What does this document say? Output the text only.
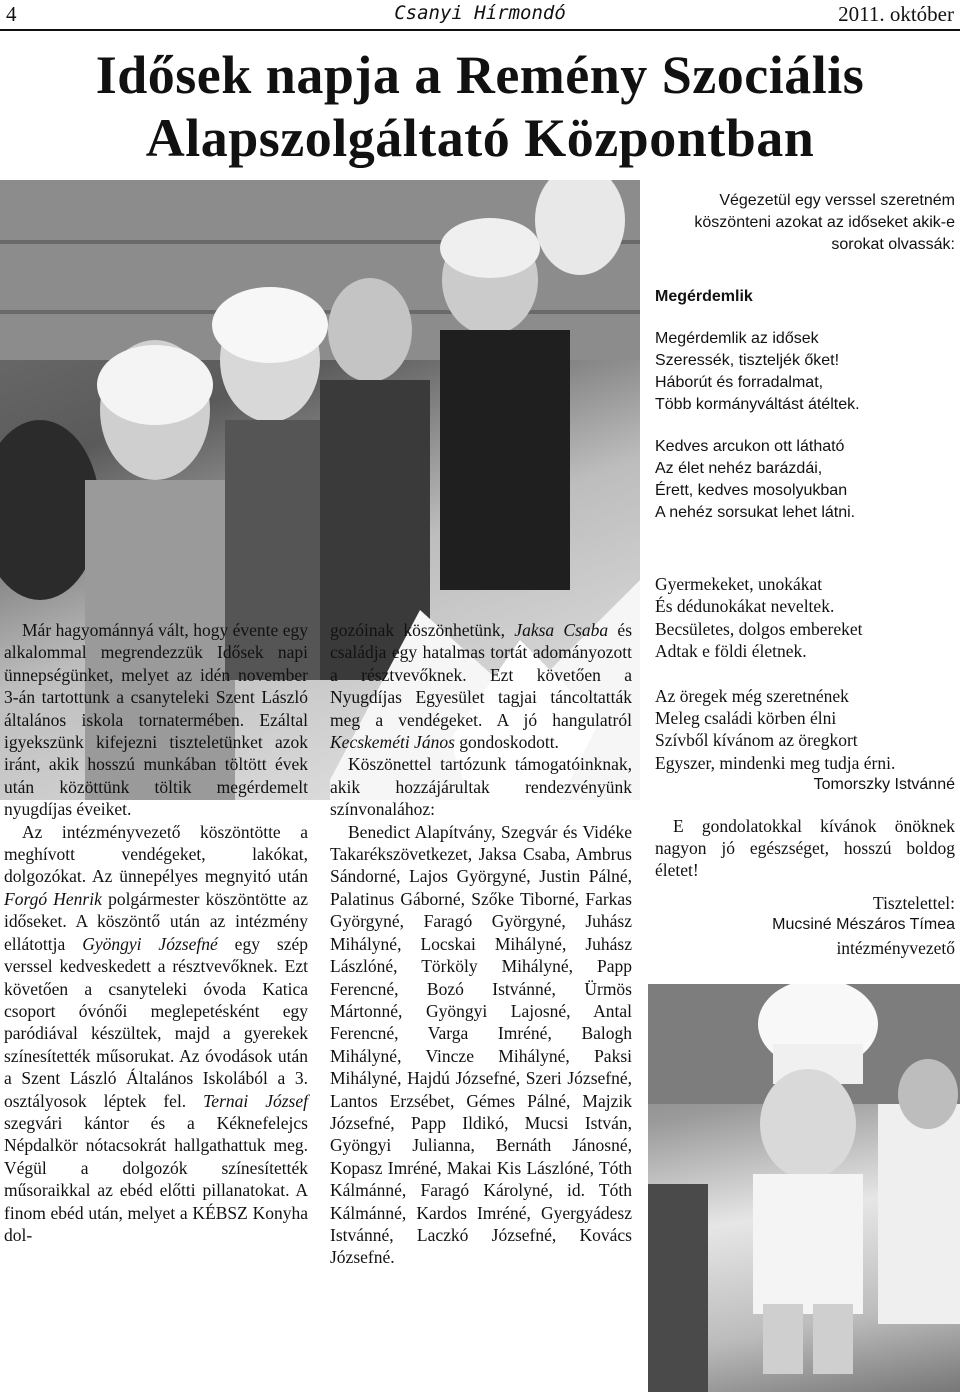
4	Csanyi Hírmondó	2011. október
Idősek napja a Remény Szociális
Alapszolgáltató Központban

Végezetül egy verssel szeretném köszönteni azokat az időseket akik-e sorokat olvassák:

Megérdemlik

Megérdemlik az idősek

Szeressék, tiszteljék őket!

Háborút és forradalmat,

Több kormányváltást átéltek.

Kedves arcukon ott látható

Az élet nehéz barázdái,

Érett, kedves mosolyukban

A nehéz sorsukat lehet látni.

Gyermekeket, unokákat

És dédunokákat neveltek.

Becsületes, dolgos embereket

Adtak e földi életnek.

Az öregek még szeretnének

Meleg családi körben élni

Szívből kívánom az öregkort

Egyszer, mindenki meg tudja érni.

Tomorszky Istvánné

E gondolatokkal kívánok önöknek nagyon jó egészséget, hosszú boldog életet!

Tisztelettel:

Mucsiné Mészáros Tímea

intézményvezető

Már hagyománnyá vált, hogy évente egy alkalommal megrendezzük Idősek napi ünnepségünket, melyet az idén november 3-án tartottunk a csanyteleki Szent László általános iskola tornatermében. Ezáltal igyekszünk kifejezni tiszteletünket azok iránt, akik hosszú munkában töltött évek után közöttünk töltik megérdemelt nyugdíjas éveiket.

Az intézményvezető köszöntötte a meghívott vendégeket, lakókat, dolgozókat. Az ünnepélyes megnyitó után Forgó Henrik polgármester köszöntötte az időseket. A köszöntő után az intézmény ellátottja Gyöngyi Józsefné egy szép verssel kedveskedett a résztvevőknek. Ezt követően a csanyteleki óvoda Katica csoport óvónői meglepetésként egy paródiával készültek, majd a gyerekek színesítették műsorukat. Az óvodások után a Szent László Általános Iskolából a 3. osztályosok léptek fel. Ternai József szegvári kántor és a Kéknefelejcs Népdalkör nótacsokrát hallgathattuk meg. Végül a dolgozók színesítették műsoraikkal az ebéd előtti pillanatokat. A finom ebéd után, melyet a KÉBSZ Konyha dol-

gozóinak köszönhetünk, Jaksa Csaba és családja egy hatalmas tortát adományozott a résztvevőknek. Ezt követően a Nyugdíjas Egyesület tagjai táncoltatták meg a vendégeket. A jó hangulatról Kecskeméti János gondoskodott.

Köszönettel tartózunk támogatóinknak, akik hozzájárultak rendezvényünk színvonalához:

Benedict Alapítvány, Szegvár és Vidéke Takarékszövetkezet, Jaksa Csaba, Ambrus Sándorné, Lajos Györgyné, Justin Pálné, Palatinus Gáborné, Szőke Tiborné, Farkas Györgyné, Faragó Györgyné, Juhász Mihályné, Locskai Mihályné, Juhász Lászlóné, Törköly Mihályné, Papp Ferencné, Bozó Istvánné, Ürmös Mártonné, Gyöngyi Lajosné, Antal Ferencné, Varga Imréné, Balogh Mihályné, Vincze Mihályné, Paksi Mihályné, Hajdú Józsefné, Szeri Józsefné, Lantos Erzsébet, Gémes Pálné, Majzik Józsefné, Papp Ildikó, Mucsi István, Gyöngyi Julianna, Bernáth Jánosné, Kopasz Imréné, Makai Kis Lászlóné, Tóth Kálmánné, Faragó Károlyné, id. Tóth Kálmánné, Kardos Imréné, Gyergyádesz Istvánné, Laczkó Józsefné, Kovács Józsefné.
